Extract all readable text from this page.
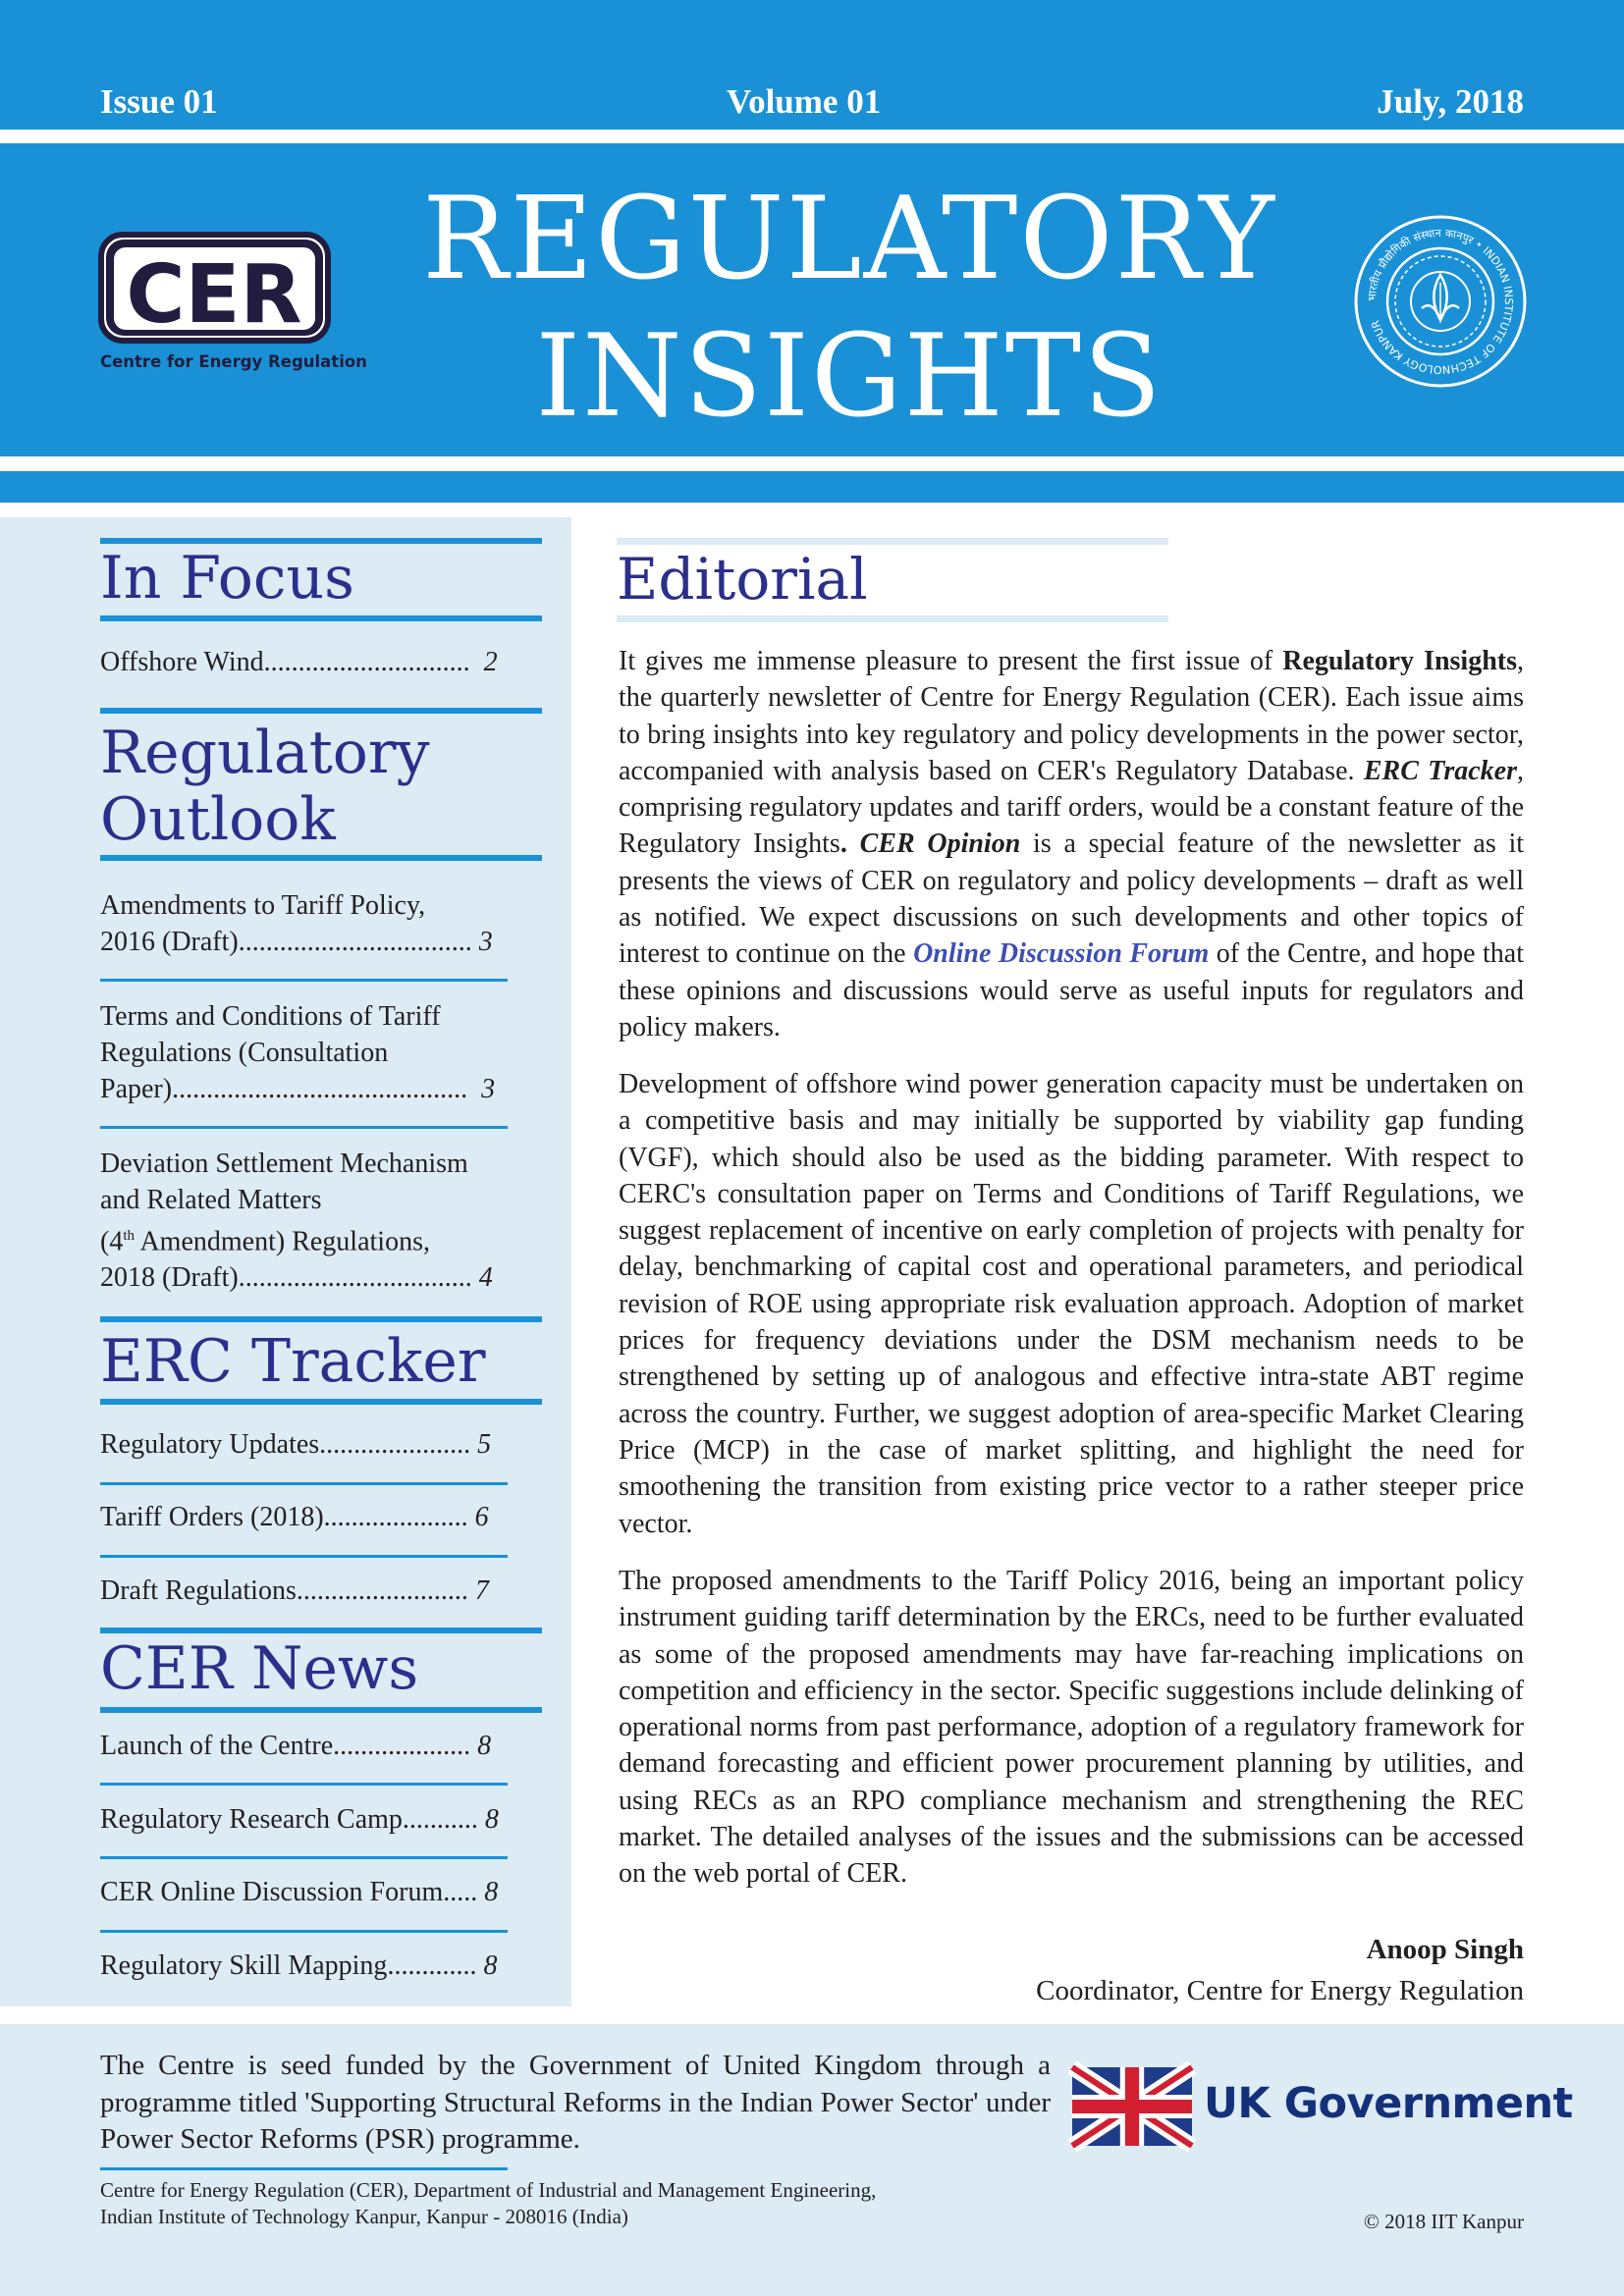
Issue 01	Volume 01	July, 2018
REGULATORY
INSIGHTS
CER
Centre for Energy Regulation
भारतीय प्रौद्योगिकी संस्थान कानपुर • INDIAN INSTITUTE OF TECHNOLOGY KANPUR
In Focus
Offshore Wind.............................. 2
Regulatory
Outlook
Amendments to Tariff Policy,
2016 (Draft).................................. 3
Terms and Conditions of Tariff
Regulations (Consultation
Paper)........................................... 3
Deviation Settlement Mechanism
and Related Matters
(4th Amendment) Regulations,
2018 (Draft).................................. 4
ERC Tracker
Regulatory Updates...................... 5
Tariff Orders (2018)..................... 6
Draft Regulations......................... 7
CER News
Launch of the Centre.................... 8
Regulatory Research Camp........... 8
CER Online Discussion Forum..... 8
Regulatory Skill Mapping............. 8
Editorial
It gives me immense pleasure to present the first issue of Regulatory Insights, the quarterly newsletter of Centre for Energy Regulation (CER). Each issue aims to bring insights into key regulatory and policy developments in the power sector, accompanied with analysis based on CER's Regulatory Database. ERC Tracker, comprising regulatory updates and tariff orders, would be a constant feature of the Regulatory Insights. CER Opinion is a special feature of the newsletter as it presents the views of CER on regulatory and policy developments – draft as well as notified. We expect discussions on such developments and other topics of interest to continue on the Online Discussion Forum of the Centre, and hope that these opinions and discussions would serve as useful inputs for regulators and policy makers.
Development of offshore wind power generation capacity must be undertaken on a competitive basis and may initially be supported by viability gap funding (VGF), which should also be used as the bidding parameter. With respect to CERC's consultation paper on Terms and Conditions of Tariff Regulations, we suggest replacement of incentive on early completion of projects with penalty for delay, benchmarking of capital cost and operational parameters, and periodical revision of ROE using appropriate risk evaluation approach. Adoption of market prices for frequency deviations under the DSM mechanism needs to be strengthened by setting up of analogous and effective intra-state ABT regime across the country. Further, we suggest adoption of area-specific Market Clearing Price (MCP) in the case of market splitting, and highlight the need for smoothening the transition from existing price vector to a rather steeper price vector.
The proposed amendments to the Tariff Policy 2016, being an important policy instrument guiding tariff determination by the ERCs, need to be further evaluated as some of the proposed amendments may have far-reaching implications on competition and efficiency in the sector. Specific suggestions include delinking of operational norms from past performance, adoption of a regulatory framework for demand forecasting and efficient power procurement planning by utilities, and using RECs as an RPO compliance mechanism and strengthening the REC market. The detailed analyses of the issues and the submissions can be accessed on the web portal of CER.
Anoop Singh
Coordinator, Centre for Energy Regulation
The Centre is seed funded by the Government of United Kingdom through a programme titled 'Supporting Structural Reforms in the Indian Power Sector' under Power Sector Reforms (PSR) programme.
Centre for Energy Regulation (CER), Department of Industrial and Management Engineering,
Indian Institute of Technology Kanpur, Kanpur - 208016 (India)	© 2018 IIT Kanpur
UK Government
